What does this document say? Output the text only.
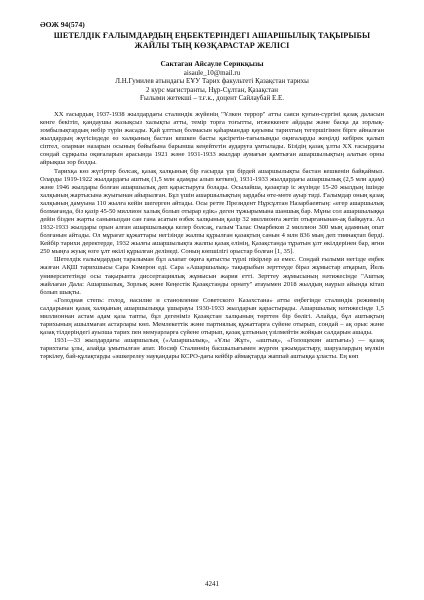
ӘОЖ 94(574)
ШЕТЕЛДІК ҒАЛЫМДАРДЫҢ ЕҢБЕКТЕРІНДЕГІ АШАРШЫЛЫҚ ТАҚЫРЫБЫ
ЖАЙЛЫ ТЫҢ КӨЗҚАРАСТАР ЖЕЛІСІ
Сактаган Айсауле Серикқызы
aisaule_10@mail.ru
Л.Н.Гумилев атындағы ЕҰУ Тарих факультеті Қазақстан тарихы
2 курс магистранты, Нұр-Сұлтан, Қазақстан
Ғылыми жетекші – т.ғ.к., доцент Сайлаубай Е.Е.

ХХ ғасырдың 1937-1938 жылдардағы сталиндік жүйенің "Ұлкен террор" атты саяси қуғын-сүргінi қазақ даласын кенге бекітіп, қандаушы жазықсыз халықты атты, темір торға тоғытты, итжеккенге айдады және басқа да зорлық-зомбылықтардың небір түрін жасады. Қай ұлттың болмасын қаһармандар қауымы тарихтың тегершігімен біргe айналған жылдардың жүгісіндеде өз халқының бастан кешкен басты қасiретiн-тағылымды оқиғаларды жеңiлдi кебірек қалып сіптел, оларман назарын осының бәйыбына барынша кеңейтетін аударуға ұмтылады. Бізідің қазақ ұлты ХХ ғасырдағы сондай сұрқылы оқиғаларын арасында 1921 және 1931-1933 жылдар аумағын қамтыған ашаршылықтың алатын орны айрықша зор болды.

Тарихқа көз жүгіртер болсақ, қазақ халқының бір ғасырда үш бірдей ашаршылықты бастан кешкенін байқаймыз. Оларды 1919-1922 жылдардағы аштық (1,5 млн адамды алып кеткен), 1931-1933 жылдардағы ашаршылық (2,5 млн адам) және 1946 жылдары болған ашаршылық деп қарастыруға болады. Осылайша, қазақтар іс жүзінде 15-20 жылдың ішінде халқының жартысына жуығынан айырылған. Бұл үшін ашаршылықтың зардабы өте-мөте ауыр тиді. Ғалымдар оның қазақ халқының дамуына 110 жылға кейін шегерген айтады. Осы ретте Президент Нұрсұлтан Назарбаевтың: «егер ашаршылық болмағанда, біз қазір 45-50 миллион халық болып отырар едік» деген тұжырымына шаншық бар. Мұны сол ашаршылыққа дейін бізден жарты саныныздан сан гана асатын өзбек халқының қазір 32 миллионға жетіп отырғанынан-ақ байқауға. Ал 1932-1933 жылдары орын алған ашаршылыққа келер болсақ, ғалым Талас Омарбеков 2 миллион 300 мың адамның опат болғанын айтады. Ол мұрағат құжаттары негізінде жалпы құрылған қазақтың санын 4 млн 836 мың деп тиянақтап берді. Кейбір тарихи деректерде, 1932 жылғы ашаршылықта жалпы қазақ елінің, Қазақстанда тұратын ұлт өкілдерінен бар, яғни 250 мыңға жуық өзге ұлт өкілі құрылған делінеді. Соның көпшілігі орыстар болған [1, 35].

Шетелдік ғалымдардың таралыман бұл алапат оқиға қатысты түрлі пікірлер аз емес. Сондай ғылыми негізде еңбек жазған АҚШ тарихшысы Сара Кэмерон еді. Сара «Ашаршылық» тақырыбын зерттеуде бірaз жұмыстар атқарып, Йель университетінде осы тақырыпта диссертациялық жұмысын жария етті. Зерттеу жұмысының нәтижесінде "Аштық жайлаған Дала: Ашаршылық, Зорлық және Кеңестік Қазақстанды орнату" атауымен 2018 жылдың наурыз айында кітап болып шықты.

«Голодная степь: голод, насилие и становление Советского Казахстана» атты еңбегінде сталиндік режимнің салдарынан қазақ халқының ашаршылыққа ұшырауы 1930-1933 жылдарын қарастырады. Ашаршылық нәтижесінде 1,5 миллионнан астам адам қаза тапты, бұл дегеніміз Қазақстан халқының төрттен бір бөлігі. Алайда, бұл аштықтың тарихының ашылмаған астарлары көп. Мемлекеттік және партиялық құжаттарға сүйене отырып, сондай – ақ орыс және қазақ тілдеріндегі ауызша тарих пен мемуарларға сүйене отырып, қазақ ұлтының үзілмейтін жойқын салдарын ашады.

1931—33 жылдардағы ашаршылық («Ашаршылық», «Ұлы Жұт», «аштық», «Голощекин аштығы») — қазақ тарихтағы ұлы, алайда ұмытылған апат. Иосиф Сталиннің басшылығымен жүрген ұжымдастыру, шаруалардың мүлкін тәркілеу, бай-құлақтарды «әшкерелеу науқандары КСРО-дағы кейбір аймақтарда жаппай аштыққа ұласты. Ең көп

4241
